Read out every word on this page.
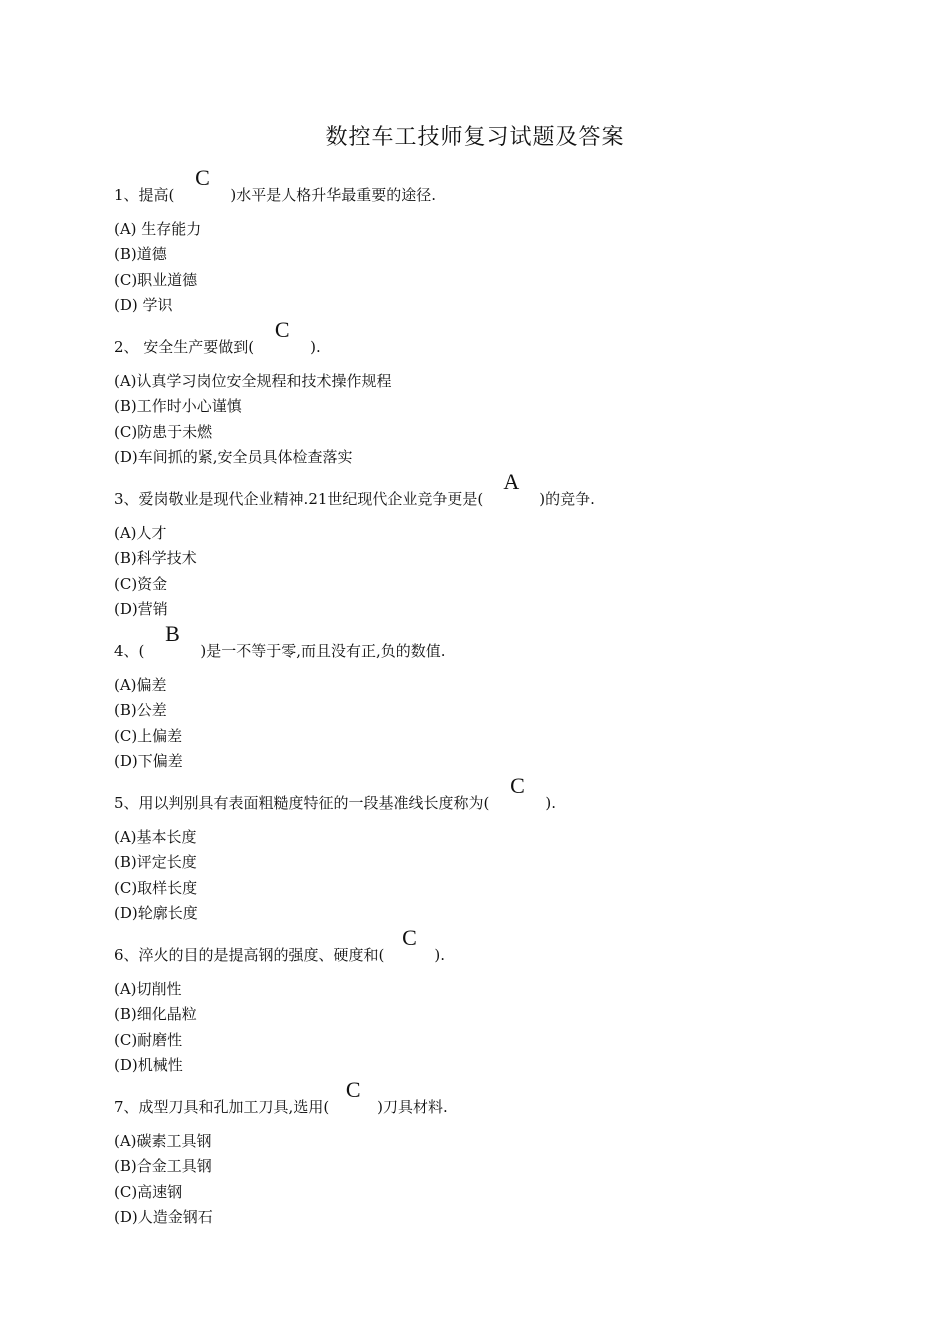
数控车工技师复习试题及答案
1、提高(
C
)水平是人格升华最重要的途径.
(A) 生存能力
(B)道德
(C)职业道德
(D) 学识
2、 安全生产要做到(
C
).
(A)认真学习岗位安全规程和技术操作规程
(B)工作时小心谨慎
(C)防患于未燃
(D)车间抓的紧,安全员具体检查落实
3、爱岗敬业是现代企业精神.21世纪现代企业竞争更是(
A
)的竞争.
(A)人才
(B)科学技术
(C)资金
(D)营销
4、(
B
)是一不等于零,而且没有正,负的数值.
(A)偏差
(B)公差
(C)上偏差
(D)下偏差
5、用以判别具有表面粗糙度特征的一段基准线长度称为(
C
).
(A)基本长度
(B)评定长度
(C)取样长度
(D)轮廓长度
6、淬火的目的是提高钢的强度、硬度和(
C
).
(A)切削性
(B)细化晶粒
(C)耐磨性
(D)机械性
7、成型刀具和孔加工刀具,选用(
C
)刀具材料.
(A)碳素工具钢
(B)合金工具钢
(C)高速钢
(D)人造金钢石
